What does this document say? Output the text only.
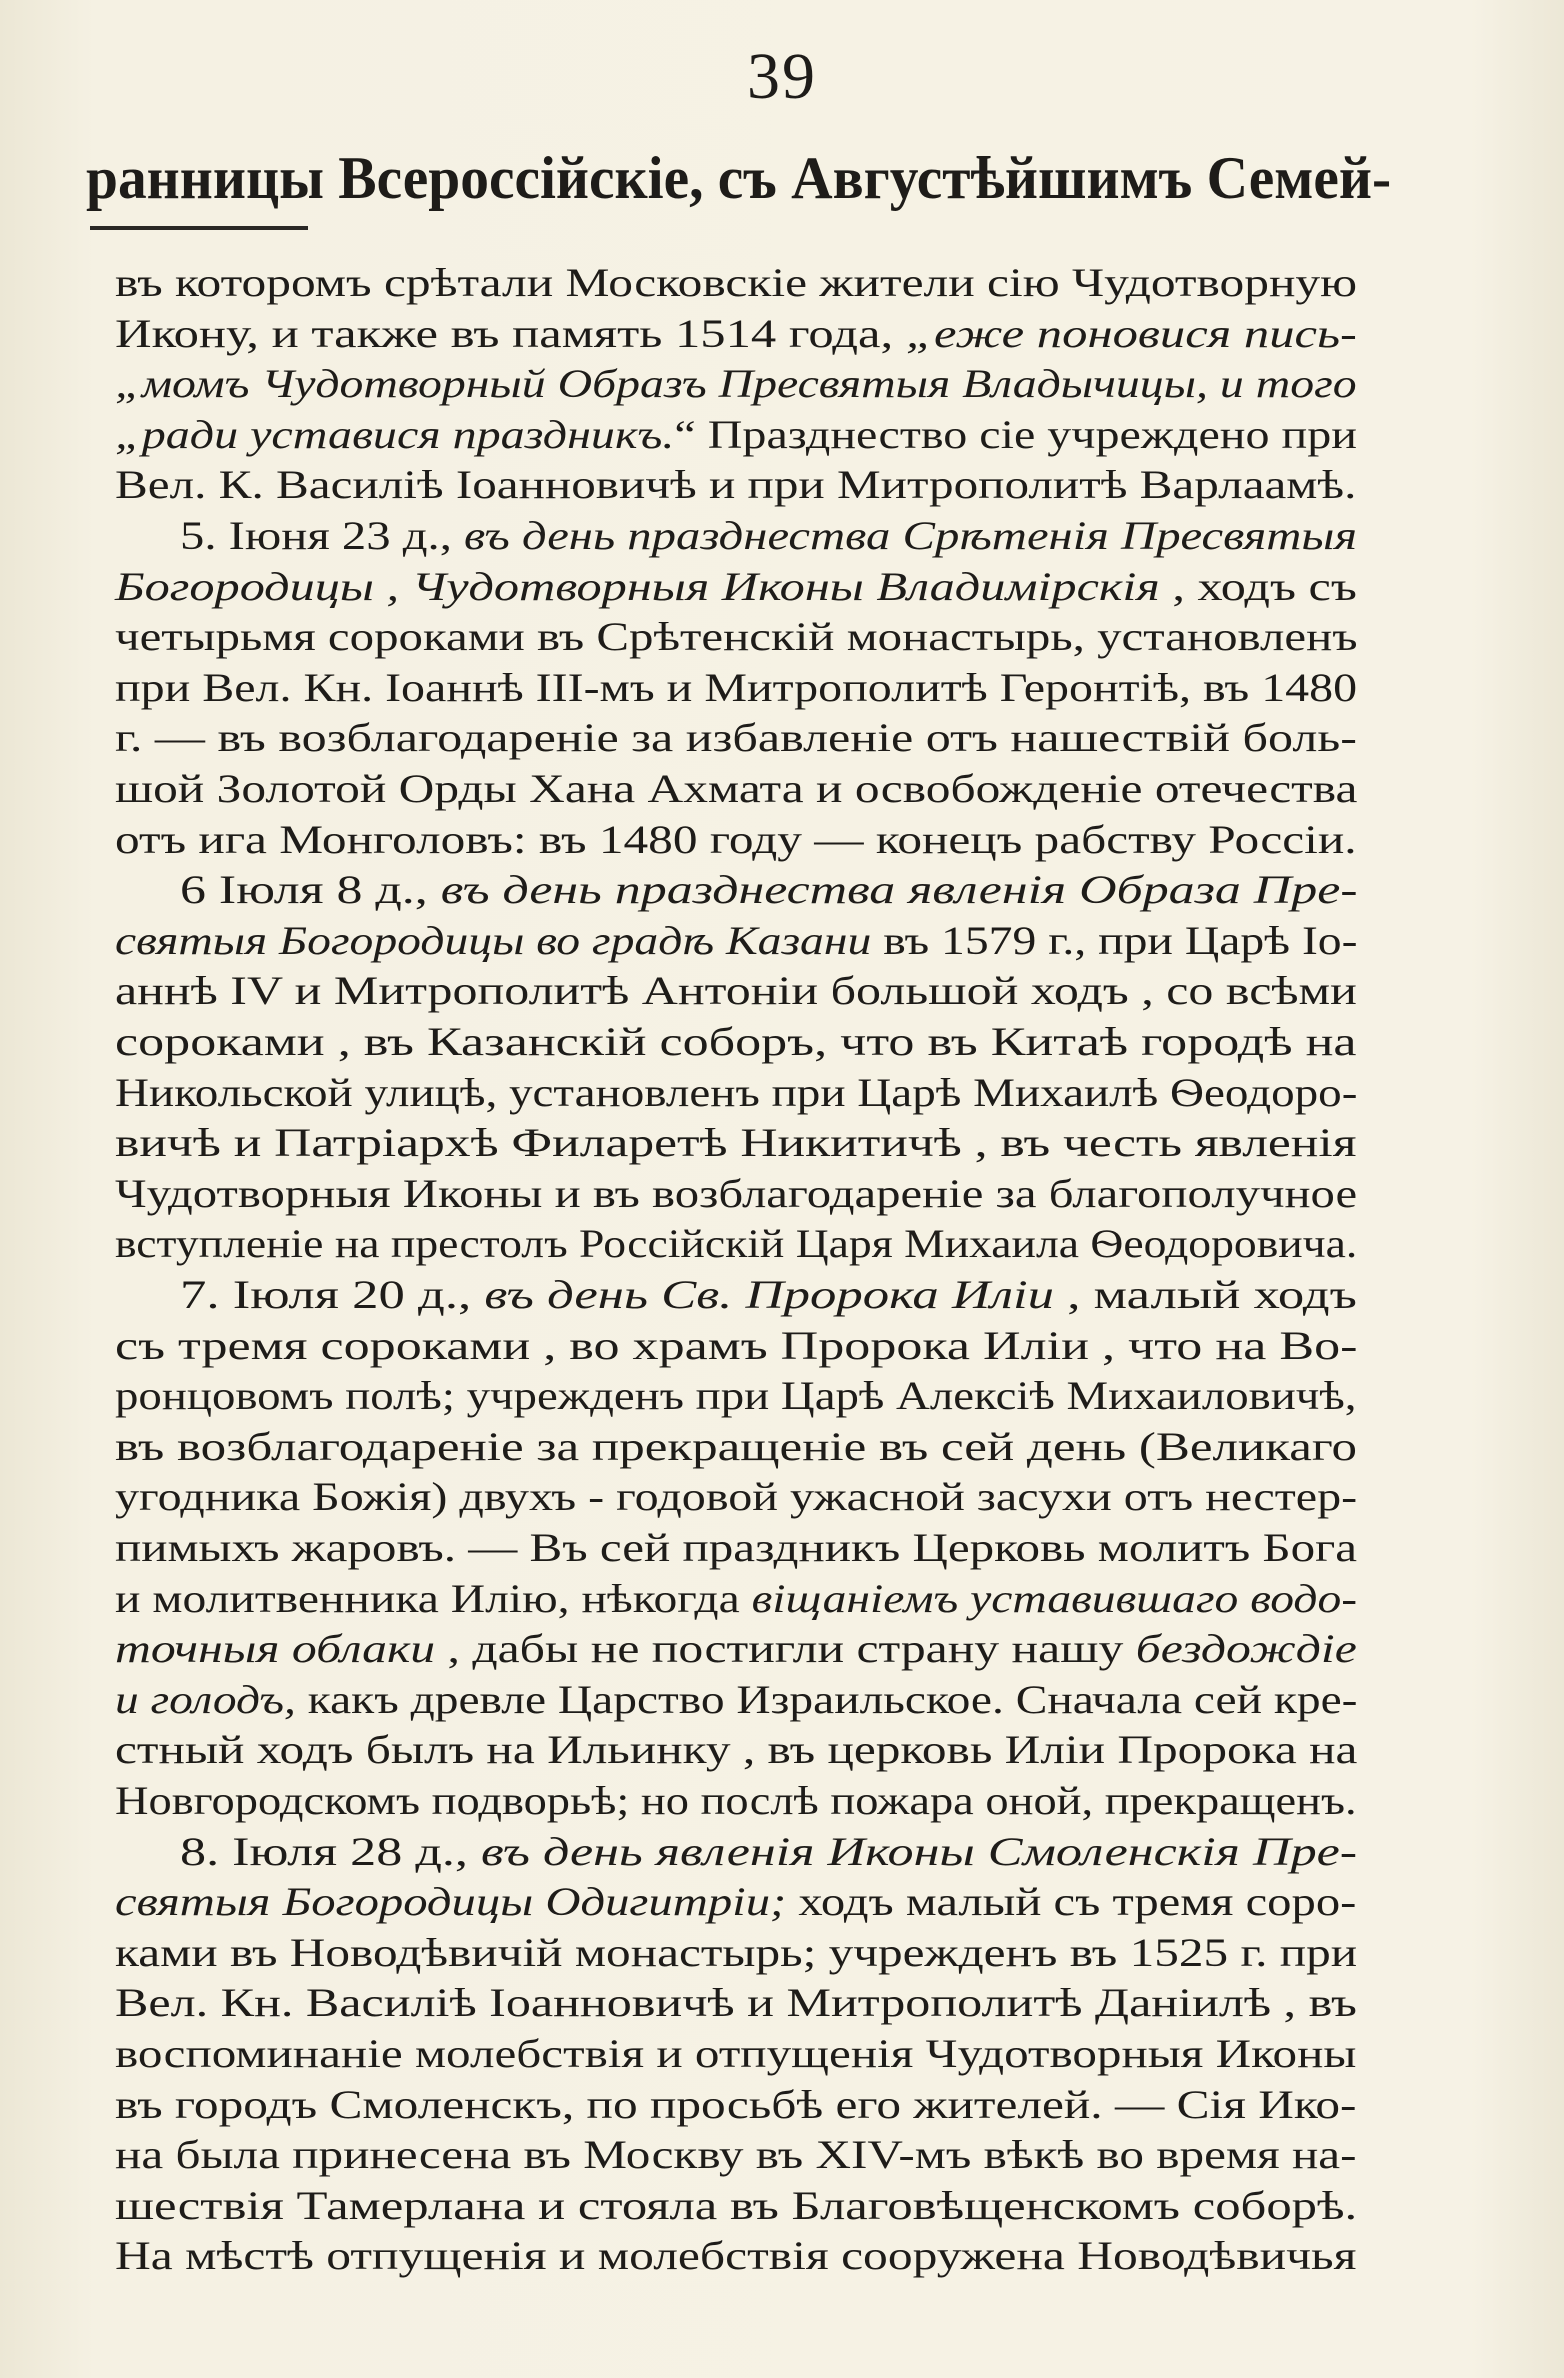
39
ранницы Всероссійскіе, съ Августѣйшимъ Семей-
въ которомъ срѣтали Московскіе жители сію Чудотворную
Икону, и также въ память 1514 года, „еже поновися пись-
„момъ Чудотворный Образъ Пресвятыя Владычицы, и того
„ради уставися праздникъ.“ Празднество сіе учреждено при
Вел. К. Василіѣ Іоанновичѣ и при Митрополитѣ Варлаамѣ.
5. Іюня 23 д., въ день празднества Срѣтенія Пресвятыя
Богородицы , Чудотворныя Иконы Владимірскія , ходъ съ
четырьмя сороками въ Срѣтенскій монастырь, установленъ
при Вел. Кн. Іоаннѣ III-мъ и Митрополитѣ Геронтіѣ, въ 1480
г. — въ возблагодареніе за избавленіе отъ нашествій боль-
шой Золотой Орды Хана Ахмата и освобожденіе отечества
отъ ига Монголовъ: въ 1480 году — конецъ рабству Россіи.
6 Іюля 8 д., въ день празднества явленія Образа Пре-
святыя Богородицы во градѣ Казани въ 1579 г., при Царѣ Іо-
аннѣ IV и Митрополитѣ Антоніи большой ходъ , со всѣми
сороками , въ Казанскій соборъ, что въ Китаѣ городѣ на
Никольской улицѣ, установленъ при Царѣ Михаилѣ Ѳеодоро-
вичѣ и Патріархѣ Филаретѣ Никитичѣ , въ честь явленія
Чудотворныя Иконы и въ возблагодареніе за благополучное
вступленіе на престолъ Россійскій Царя Михаила Ѳеодоровича.
7. Іюля 20 д., въ день Св. Пророка Иліи , малый ходъ
съ тремя сороками , во храмъ Пророка Иліи , что на Во-
ронцовомъ полѣ; учрежденъ при Царѣ Алексіѣ Михаиловичѣ,
въ возблагодареніе за прекращеніе въ сей день (Великаго
угодника Божія) двухъ - годовой ужасной засухи отъ нестер-
пимыхъ жаровъ. — Въ сей праздникъ Церковь молитъ Бога
и молитвенника Илію, нѣкогда віщаніемъ уставившаго водо-
точныя облаки , дабы не постигли страну нашу бездождіе
и голодъ, какъ древле Царство Израильское. Сначала сей кре-
стный ходъ былъ на Ильинку , въ церковь Иліи Пророка на
Новгородскомъ подворьѣ; но послѣ пожара оной, прекращенъ.
8. Іюля 28 д., въ день явленія Иконы Смоленскія Пре-
святыя Богородицы Одигитріи; ходъ малый съ тремя соро-
ками въ Новодѣвичій монастырь; учрежденъ въ 1525 г. при
Вел. Кн. Василіѣ Іоанновичѣ и Митрополитѣ Даніилѣ , въ
воспоминаніе молебствія и отпущенія Чудотворныя Иконы
въ городъ Смоленскъ, по просьбѣ его жителей. — Сія Ико-
на была принесена въ Москву въ XIV-мъ вѣкѣ во время на-
шествія Тамерлана и стояла въ Благовѣщенскомъ соборѣ.
На мѣстѣ отпущенія и молебствія сооружена Новодѣвичья
